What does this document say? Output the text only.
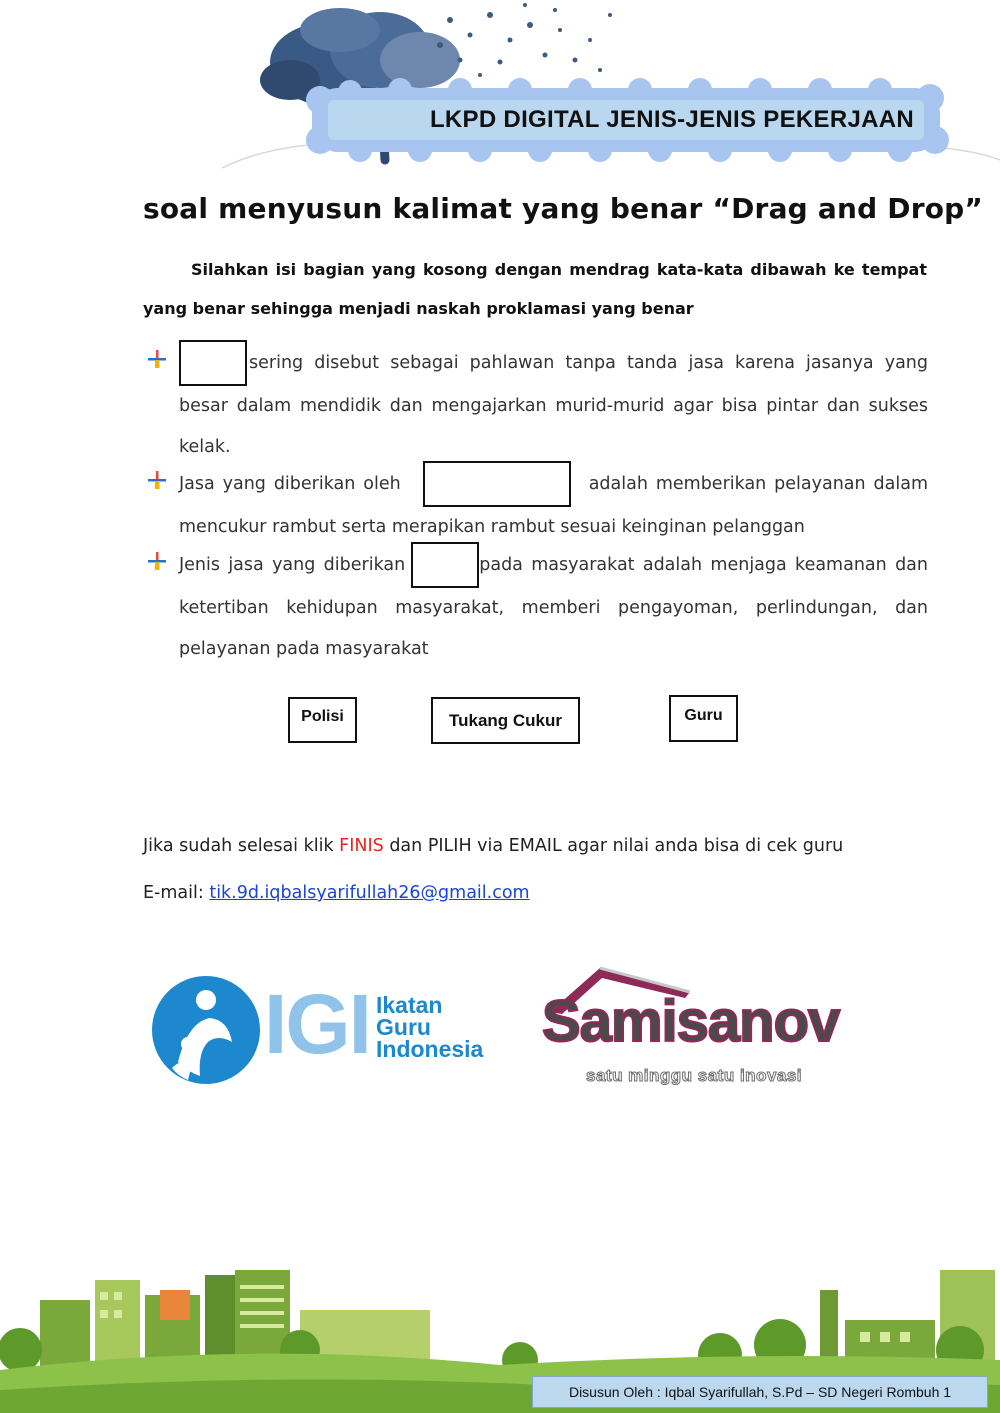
LKPD DIGITAL JENIS-JENIS PEKERJAAN
soal menyusun kalimat yang benar “Drag and Drop”
Silahkan isi bagian yang kosong dengan mendrag kata-kata dibawah ke tempat yang benar sehingga menjadi naskah proklamasi yang benar
sering disebut sebagai pahlawan tanpa tanda jasa karena jasanya yang besar dalam mendidik dan mengajarkan murid-murid agar bisa pintar dan sukses kelak.
Jasa yang diberikan oleh	adalah memberikan pelayanan dalam mencukur rambut serta merapikan rambut sesuai keinginan pelanggan
Jenis jasa yang diberikan	pada masyarakat adalah menjaga keamanan dan ketertiban kehidupan masyarakat, memberi pengayoman, perlindungan, dan pelayanan pada masyarakat
Polisi	Tukang Cukur	Guru
Jika sudah selesai klik FINIS dan PILIH via EMAIL agar nilai anda bisa di cek guru
E-mail: tik.9d.iqbalsyarifullah26@gmail.com
IGI Ikatan
Guru
Indonesia Samisanov
satu minggu satu inovasi
Disusun Oleh : Iqbal Syarifullah, S.Pd – SD Negeri Rombuh 1
